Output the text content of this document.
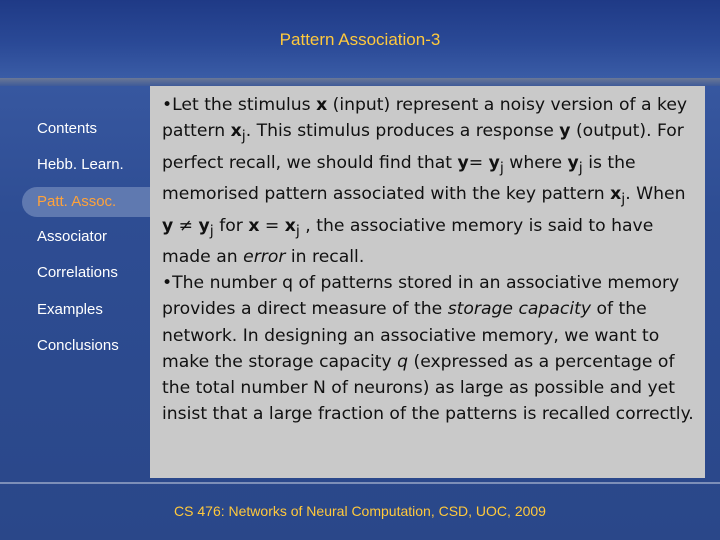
Pattern Association-3
Contents
Hebb. Learn.
Patt. Assoc.
Associator
Correlations
Examples
Conclusions

•Let the stimulus x (input) represent a noisy version of a key pattern $x_j$. This stimulus produces a response y (output). For perfect recall, we should find that $y= y_j$ where $y_j$ is the memorised pattern associated with the key pattern $x_j$. When $y \ne y_j$ for $x = x_j$ , the associative memory is said to have made an error in recall.

•The number q of patterns stored in an associative memory provides a direct measure of the storage capacity of the network. In designing an associative memory, we want to make the storage capacity q (expressed as a percentage of the total number N of neurons) as large as possible and yet insist that a large fraction of the patterns is recalled correctly.

CS 476: Networks of Neural Computation, CSD, UOC, 2009
